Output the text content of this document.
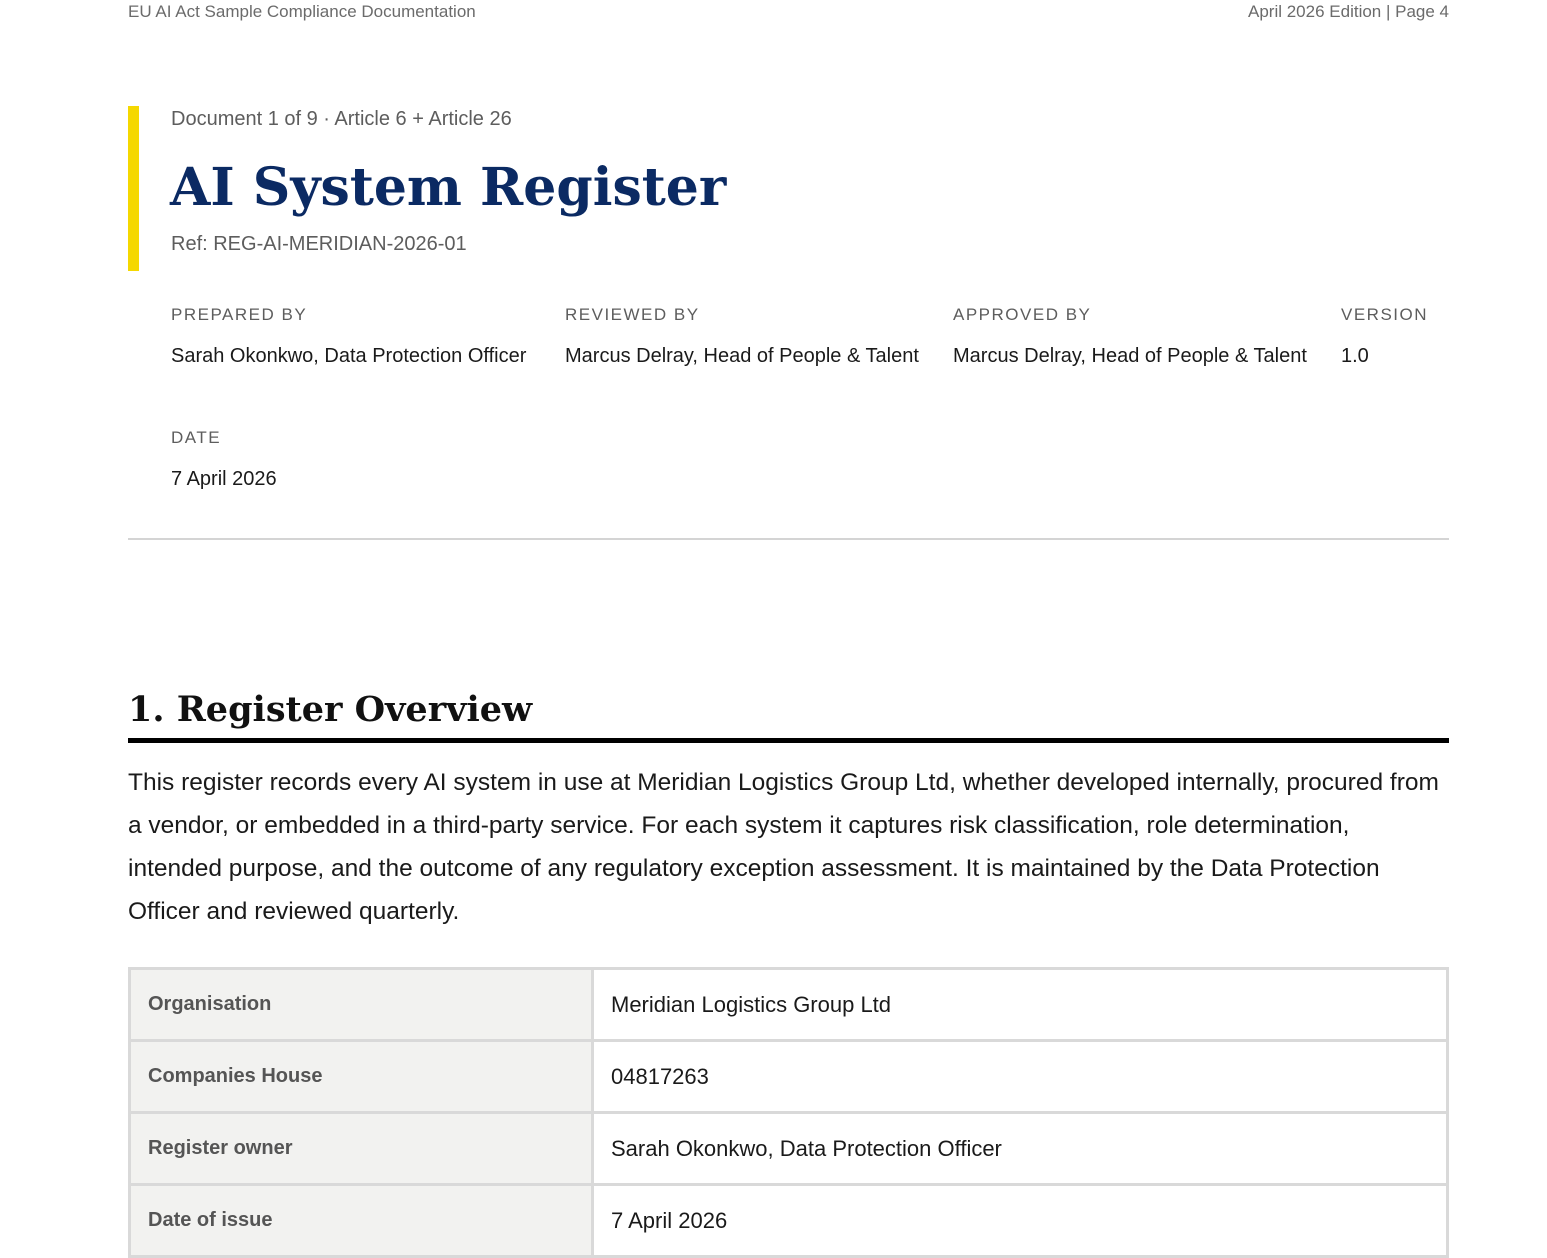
EU AI Act Sample Compliance Documentation	April 2026 Edition | Page 4
Document 1 of 9 · Article 6 + Article 26
AI System Register
Ref: REG-AI-MERIDIAN-2026-01
PREPARED BY
Sarah Okonkwo, Data Protection Officer
REVIEWED BY
Marcus Delray, Head of People & Talent
APPROVED BY
Marcus Delray, Head of People & Talent
VERSION
1.0
DATE
7 April 2026
1. Register Overview

This register records every AI system in use at Meridian Logistics Group Ltd, whether developed internally, procured from a vendor, or embedded in a third-party service. For each system it captures risk classification, role determination, intended purpose, and the outcome of any regulatory exception assessment. It is maintained by the Data Protection Officer and reviewed quarterly.

Organisation	Meridian Logistics Group Ltd
Companies House	04817263
Register owner	Sarah Okonkwo, Data Protection Officer
Date of issue	7 April 2026
